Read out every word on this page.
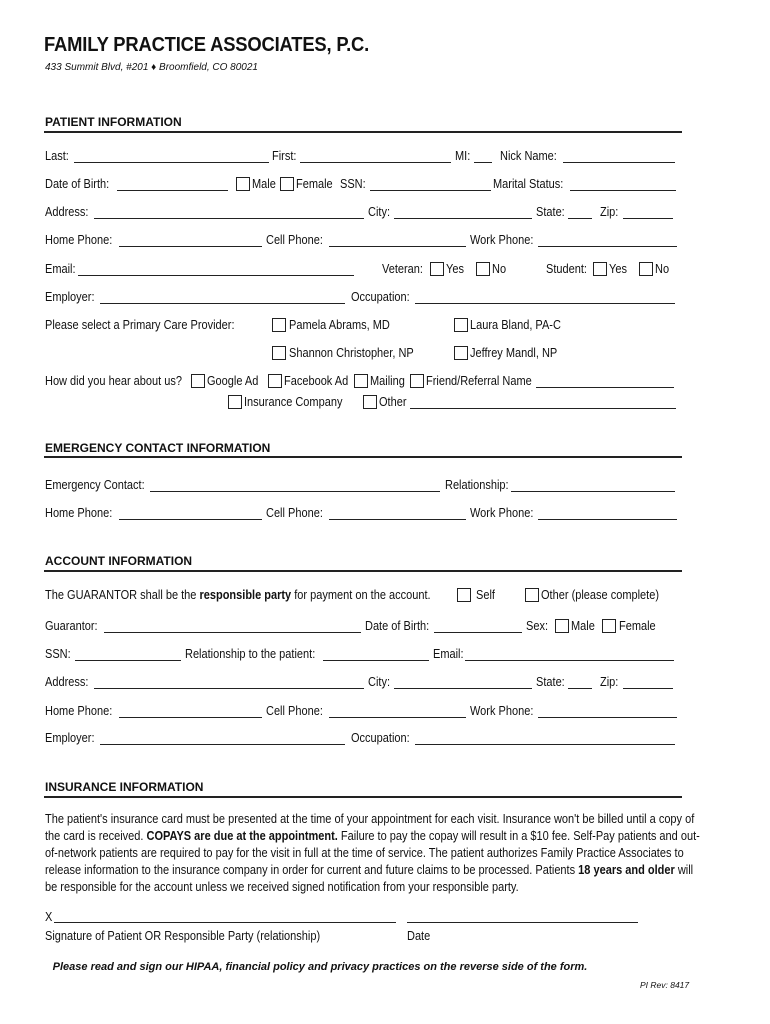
FAMILY PRACTICE ASSOCIATES, P.C.
433 Summit Blvd, #201 ♦ Broomfield, CO 80021
PATIENT INFORMATION
Last:	First:	MI: Nick Name:
Date of Birth:	Male Female SSN:	Marital Status:
Address:	City:	State:	Zip:
Home Phone:	Cell Phone:	Work Phone:
Email:	Veteran: Yes No	Student: Yes No
Employer:	Occupation:
Please select a Primary Care Provider:	Pamela Abrams, MD	Laura Bland, PA-C
Shannon Christopher, NP	Jeffrey Mandl, NP
How did you hear about us? Google Ad Facebook Ad Mailing Friend/Referral Name
Insurance Company	Other
EMERGENCY CONTACT INFORMATION
Emergency Contact:	Relationship:
Home Phone:	Cell Phone:	Work Phone:
ACCOUNT INFORMATION
The GUARANTOR shall be the responsible party for payment on the account.	Self	Other (please complete)
Guarantor:	Date of Birth:	Sex: Male Female
SSN:	Relationship to the patient:	Email:
Address:	City:	State:	Zip:
Home Phone:	Cell Phone:	Work Phone:
Employer:	Occupation:
INSURANCE INFORMATION
The patient's insurance card must be presented at the time of your appointment for each visit. Insurance won't be billed until a copy of
the card is received. COPAYS are due at the appointment. Failure to pay the copay will result in a $10 fee. Self-Pay patients and out-
of-network patients are required to pay for the visit in full at the time of service. The patient authorizes Family Practice Associates to
release information to the insurance company in order for current and future claims to be processed. Patients 18 years and older will
be responsible for the account unless we received signed notification from your responsible party.
X
Signature of Patient OR Responsible Party (relationship)	Date
Please read and sign our HIPAA, financial policy and privacy practices on the reverse side of the form.
PI Rev: 8417
